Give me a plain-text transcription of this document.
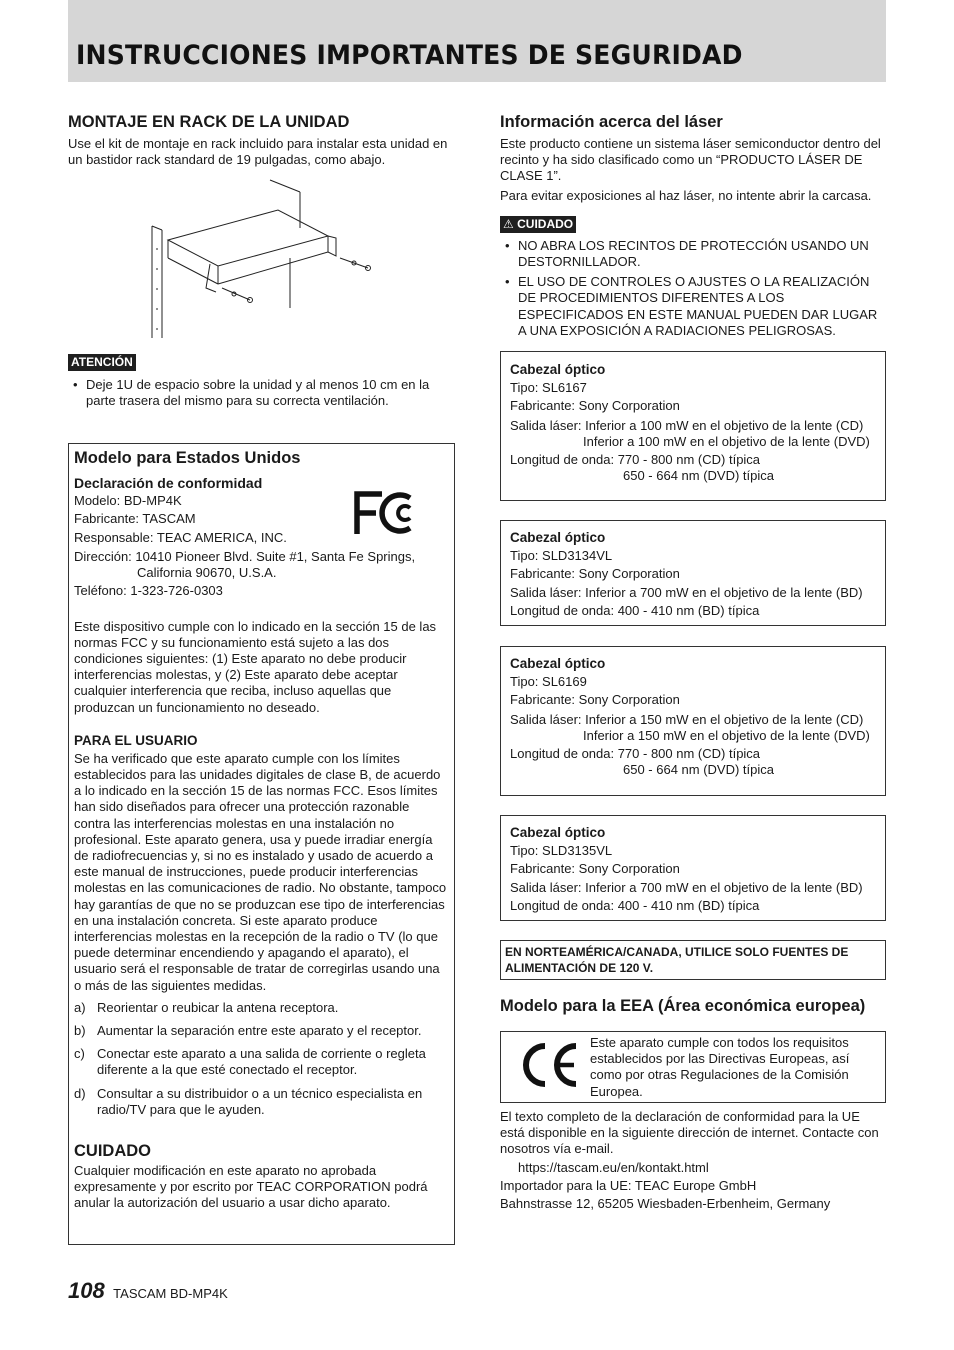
INSTRUCCIONES IMPORTANTES DE SEGURIDAD
MONTAJE EN RACK DE LA UNIDAD
Use el kit de montaje en rack incluido para instalar esta unidad en un bastidor rack standard de 19 pulgadas, como abajo.
ATENCIÓN
• Deje 1U de espacio sobre la unidad y al menos 10 cm en la parte trasera del mismo para su correcta ventilación.
Modelo para Estados Unidos
Declaración de conformidad
Modelo: BD-MP4K
Fabricante: TASCAM
Responsable: TEAC AMERICA, INC.
Dirección: 10410 Pioneer Blvd. Suite #1, Santa Fe Springs,
California 90670, U.S.A.
Teléfono: 1-323-726-0303
Este dispositivo cumple con lo indicado en la sección 15 de las normas FCC y su funcionamiento está sujeto a las dos condiciones siguientes: (1) Este aparato no debe producir interferencias molestas, y (2) Este aparato debe aceptar cualquier interferencia que reciba, incluso aquellas que produzcan un funcionamiento no deseado.
PARA EL USUARIO
Se ha verificado que este aparato cumple con los límites establecidos para las unidades digitales de clase B, de acuerdo a lo indicado en la sección 15 de las normas FCC. Esos límites han sido diseñados para ofrecer una protección razonable contra las interferencias molestas en una instalación no profesional. Este aparato genera, usa y puede irradiar energía de radiofrecuencias y, si no es instalado y usado de acuerdo a este manual de instrucciones, puede producir interferencias molestas en las comunicaciones de radio. No obstante, tampoco hay garantías de que no se produzcan ese tipo de interferencias en una instalación concreta. Si este aparato produce interferencias molestas en la recepción de la radio o TV (lo que puede determinar encendiendo y apagando el aparato), el usuario será el responsable de tratar de corregirlas usando una o más de las siguientes medidas.
a) Reorientar o reubicar la antena receptora.
b) Aumentar la separación entre este aparato y el receptor.
c) Conectar este aparato a una salida de corriente o regleta diferente a la que esté conectado el receptor.
d) Consultar a su distribuidor o a un técnico especialista en radio/TV para que le ayuden.
CUIDADO
Cualquier modificación en este aparato no aprobada expresamente y por escrito por TEAC CORPORATION podrá anular la autorización del usuario a usar dicho aparato.
Información acerca del láser
Este producto contiene un sistema láser semiconductor dentro del recinto y ha sido clasificado como un “PRODUCTO LÁSER DE CLASE 1”.
Para evitar exposiciones al haz láser, no intente abrir la carcasa.
⚠ CUIDADO
• NO ABRA LOS RECINTOS DE PROTECCIÓN USANDO UN DESTORNILLADOR.
• EL USO DE CONTROLES O AJUSTES O LA REALIZACIÓN DE PROCEDIMIENTOS DIFERENTES A LOS ESPECIFICADOS EN ESTE MANUAL PUEDEN DAR LUGAR A UNA EXPOSICIÓN A RADIACIONES PELIGROSAS.
Cabezal óptico
Tipo: SL6167
Fabricante: Sony Corporation
Salida láser: Inferior a 100 mW en el objetivo de la lente (CD)
Inferior a 100 mW en el objetivo de la lente (DVD)
Longitud de onda: 770 - 800 nm (CD) típica
650 - 664 nm (DVD) típica
Cabezal óptico
Tipo: SLD3134VL
Fabricante: Sony Corporation
Salida láser: Inferior a 700 mW en el objetivo de la lente (BD)
Longitud de onda: 400 - 410 nm (BD) típica
Cabezal óptico
Tipo: SL6169
Fabricante: Sony Corporation
Salida láser: Inferior a 150 mW en el objetivo de la lente (CD)
Inferior a 150 mW en el objetivo de la lente (DVD)
Longitud de onda: 770 - 800 nm (CD) típica
650 - 664 nm (DVD) típica
Cabezal óptico
Tipo: SLD3135VL
Fabricante: Sony Corporation
Salida láser: Inferior a 700 mW en el objetivo de la lente (BD)
Longitud de onda: 400 - 410 nm (BD) típica
EN NORTEAMÉRICA/CANADA, UTILICE SOLO FUENTES DE ALIMENTACIÓN DE 120 V.
Modelo para la EEA (Área económica europea)
Este aparato cumple con todos los requisitos establecidos por las Directivas Europeas, así como por otras Regulaciones de la Comisión Europea.
El texto completo de la declaración de conformidad para la UE está disponible en la siguiente dirección de internet. Contacte con nosotros vía e-mail.
https://tascam.eu/en/kontakt.html
Importador para la UE: TEAC Europe GmbH
Bahnstrasse 12, 65205 Wiesbaden-Erbenheim, Germany
108 TASCAM BD-MP4K
